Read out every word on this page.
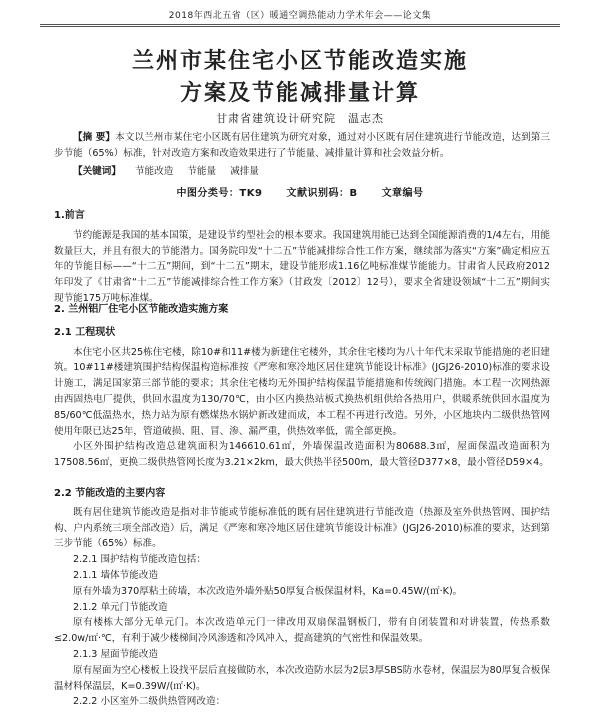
2018年西北五省（区）暖通空调热能动力学术年会——论文集
兰州市某住宅小区节能改造实施
方案及节能减排量计算
甘肃省建筑设计研究院　温志杰

【摘 要】本文以兰州市某住宅小区既有居住建筑为研究对象，通过对小区既有居住建筑进行节能改造，达到第三步节能（65%）标准，针对改造方案和改造效果进行了节能量、减排量计算和社会效益分析。

【关键词】 节能改造 节能量 减排量

中图分类号：TK9 文献识别码：B 文章编号

1.前言

节约能源是我国的基本国策，是建设节约型社会的根本要求。我国建筑用能已达到全国能源消费的1/4左右，用能数量巨大，并且有很大的节能潜力。国务院印发“十二五”节能减排综合性工作方案，继续部为落实“方案”确定相应五年的节能目标——“十二五”期间，到“十二五”期末，建设节能形成1.16亿吨标准煤节能能力。甘肃省人民政府2012年印发了《甘肃省“十二五”节能减排综合性工作方案》（甘政发〔2012〕12号），要求全省建设领域“十二五”期间实现节能175万吨标准煤。

2. 兰州铝厂住宅小区节能改造实施方案

2.1 工程现状

本住宅小区共25栋住宅楼，除10#和11#楼为新建住宅楼外，其余住宅楼均为八十年代末采取节能措施的老旧建筑。10#11#楼建筑围护结构保温构造标准按《严寒和寒冷地区居住建筑节能设计标准》(JGJ26-2010)标准的要求设计施工，满足国家第三部节能的要求；其余住宅楼均无外围护结构保温节能措施和传统阀门措施。本工程一次网热源由西固热电厂提供，供回水温度为130/70℃，由小区内换热站板式换热机组供给各热用户，供暖系统供回水温度为85/60℃低温热水，热力站为原有燃煤热水锅炉新改建而成，本工程不再进行改造。另外，小区地块内二级供热管网使用年限已达25年，管道破损、阻、冒、渗、漏严重，供热效率低，需全部更换。

小区外围护结构改造总建筑面积为146610.61㎡，外墙保温改造面积为80688.3㎡，屋面保温改造面积为17508.56㎡，更换二级供热管网长度为3.21×2km，最大供热半径500m，最大管径D377×8，最小管径D59×4。

2.2 节能改造的主要内容

既有居住建筑节能改造是指对非节能或节能标准低的既有居住建筑进行节能改造（热源及室外供热管网、围护结构、户内系统三项全部改造）后，满足《严寒和寒冷地区居住建筑节能设计标准》(JGJ26-2010)标准的要求，达到第三步节能（65%）标准。

2.2.1 围护结构节能改造包括：

2.1.1 墙体节能改造

原有外墙为370厚粘土砖墙，本次改造外墙外贴50厚复合板保温材料，Ka=0.45W/(㎡·K)。

2.1.2 单元门节能改造

原有楼栋大部分无单元门。本次改造单元门一律改用双扇保温钢板门，带有自闭装置和对讲装置，传热系数≤2.0w/㎡·℃，有利于减少楼梯间冷风渗透和冷风冲入，提高建筑的气密性和保温效果。

2.1.3 屋面节能改造

原有屋面为空心楼板上设找平层后直接做防水，本次改造防水层为2层3厚SBS防水卷材，保温层为80厚复合板保温材料保温层，K=0.39W/(㎡·K)。

2.2.2 小区室外二级供热管网改造：
